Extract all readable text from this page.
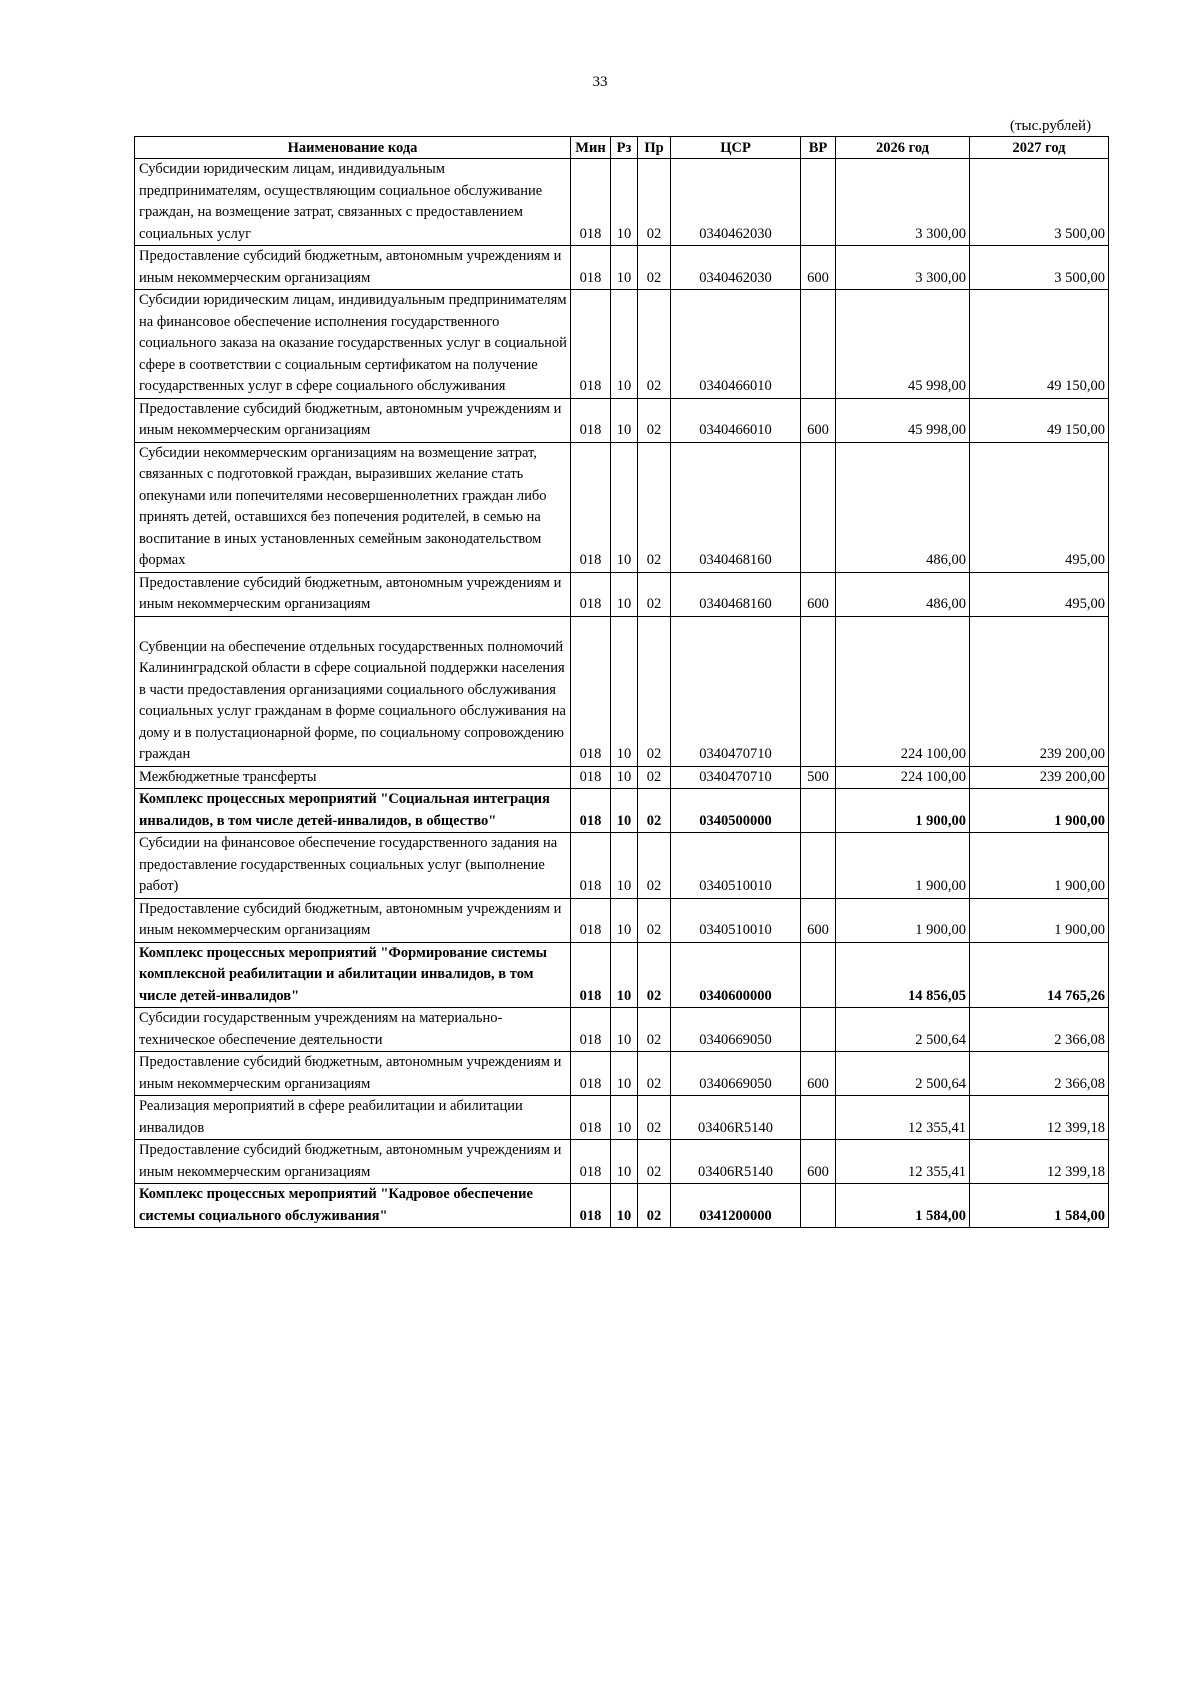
33
(тыс.рублей)
Наименование кода	Мин	Рз	Пр	ЦСР	ВР	2026 год	2027 год
Субсидии юридическим лицам, индивидуальным предпринимателям, осуществляющим социальное обслуживание граждан, на возмещение затрат, связанных с предоставлением социальных услуг	018	10	02	0340462030		3 300,00	3 500,00
Предоставление субсидий бюджетным, автономным учреждениям и иным некоммерческим организациям	018	10	02	0340462030	600	3 300,00	3 500,00
Субсидии юридическим лицам, индивидуальным предпринимателям на финансовое обеспечение исполнения государственного социального заказа на оказание государственных услуг в социальной сфере в соответствии с социальным сертификатом на получение государственных услуг в сфере социального обслуживания	018	10	02	0340466010		45 998,00	49 150,00
Предоставление субсидий бюджетным, автономным учреждениям и иным некоммерческим организациям	018	10	02	0340466010	600	45 998,00	49 150,00
Субсидии некоммерческим организациям на возмещение затрат, связанных с подготовкой граждан, выразивших желание стать опекунами или попечителями несовершеннолетних граждан либо принять детей, оставшихся без попечения родителей, в семью на воспитание в иных установленных семейным законодательством формах	018	10	02	0340468160		486,00	495,00
Предоставление субсидий бюджетным, автономным учреждениям и иным некоммерческим организациям	018	10	02	0340468160	600	486,00	495,00
Субвенции на обеспечение отдельных государственных полномочий Калининградской области в сфере социальной поддержки населения в части предоставления организациями социального обслуживания социальных услуг гражданам в форме социального обслуживания на дому и в полустационарной форме, по социальному сопровождению граждан	018	10	02	0340470710		224 100,00	239 200,00
Межбюджетные трансферты	018	10	02	0340470710	500	224 100,00	239 200,00
Комплекс процессных мероприятий "Социальная интеграция инвалидов, в том числе детей-инвалидов, в общество"	018	10	02	0340500000		1 900,00	1 900,00
Субсидии на финансовое обеспечение государственного задания на предоставление государственных социальных услуг (выполнение работ)	018	10	02	0340510010		1 900,00	1 900,00
Предоставление субсидий бюджетным, автономным учреждениям и иным некоммерческим организациям	018	10	02	0340510010	600	1 900,00	1 900,00
Комплекс процессных мероприятий "Формирование системы комплексной реабилитации и абилитации инвалидов, в том числе детей-инвалидов"	018	10	02	0340600000		14 856,05	14 765,26
Субсидии государственным учреждениям на материально-техническое обеспечение деятельности	018	10	02	0340669050		2 500,64	2 366,08
Предоставление субсидий бюджетным, автономным учреждениям и иным некоммерческим организациям	018	10	02	0340669050	600	2 500,64	2 366,08
Реализация мероприятий в сфере реабилитации и абилитации инвалидов	018	10	02	03406R5140		12 355,41	12 399,18
Предоставление субсидий бюджетным, автономным учреждениям и иным некоммерческим организациям	018	10	02	03406R5140	600	12 355,41	12 399,18
Комплекс процессных мероприятий "Кадровое обеспечение системы социального обслуживания"	018	10	02	0341200000		1 584,00	1 584,00
